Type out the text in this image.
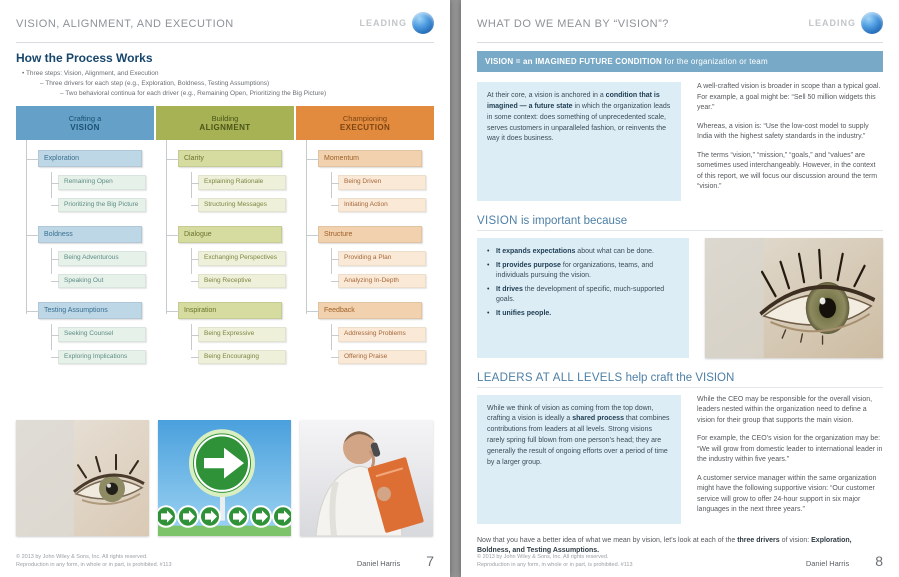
VISION, ALIGNMENT, AND EXECUTION	LEADING
How the Process Works
• Three steps: Vision, Alignment, and Execution
– Three drivers for each step (e.g., Exploration, Boldness, Testing Assumptions)
– Two behavioral continua for each driver (e.g., Remaining Open, Prioritizing the Big Picture)
Crafting a
VISION
Exploration
Remaining Open
Prioritizing the Big Picture
Boldness
Being Adventurous
Speaking Out
Testing Assumptions
Seeking Counsel
Exploring Implications
Building
ALIGNMENT
Clarity
Explaining Rationale
Structuring Messages
Dialogue
Exchanging Perspectives
Being Receptive
Inspiration
Being Expressive
Being Encouraging
Championing
EXECUTION
Momentum
Being Driven
Initiating Action
Structure
Providing a Plan
Analyzing In-Depth
Feedback
Addressing Problems
Offering Praise
© 2013 by John Wiley & Sons, Inc. All rights reserved.
Reproduction in any form, in whole or in part, is prohibited. #113	Daniel Harris 7
WHAT DO WE MEAN BY “VISION”?	LEADING
VISION = an IMAGINED FUTURE CONDITION for the organization or team
At their core, a vision is anchored in a condition that is imagined — a future state in which the organization leads in some context: does something of unprecedented scale, serves customers in unparalleled fashion, or reinvents the way it does business.

A well-crafted vision is broader in scope than a typical goal. For example, a goal might be: “Sell 50 million widgets this year.”

Whereas, a vision is: “Use the low-cost model to supply India with the highest safety standards in the industry.”

The terms “vision,” “mission,” “goals,” and “values” are sometimes used interchangeably. However, in the context of this report, we will focus our discussion around the term “vision.”

VISION is important because
• It expands expectations about what can be done.
• It provides purpose for organizations, teams, and individuals pursuing the vision.
• It drives the development of specific, much-supported goals.
• It unifies people.
LEADERS AT ALL LEVELS help craft the VISION
While we think of vision as coming from the top down, crafting a vision is ideally a shared process that combines contributions from leaders at all levels. Strong visions rarely spring full blown from one person’s head; they are generally the result of ongoing efforts over a period of time by a larger group.

While the CEO may be responsible for the overall vision, leaders nested within the organization need to define a vision for their group that supports the main vision.

For example, the CEO’s vision for the organization may be: “We will grow from domestic leader to international leader in the industry within five years.”

A customer service manager within the same organization might have the following supportive vision: “Our customer service will grow to offer 24-hour support in six major languages in the next three years.”

Now that you have a better idea of what we mean by vision, let’s look at each of the three drivers of vision: Exploration, Boldness, and Testing Assumptions.

© 2013 by John Wiley & Sons, Inc. All rights reserved.
Reproduction in any form, in whole or in part, is prohibited. #113	Daniel Harris 8
